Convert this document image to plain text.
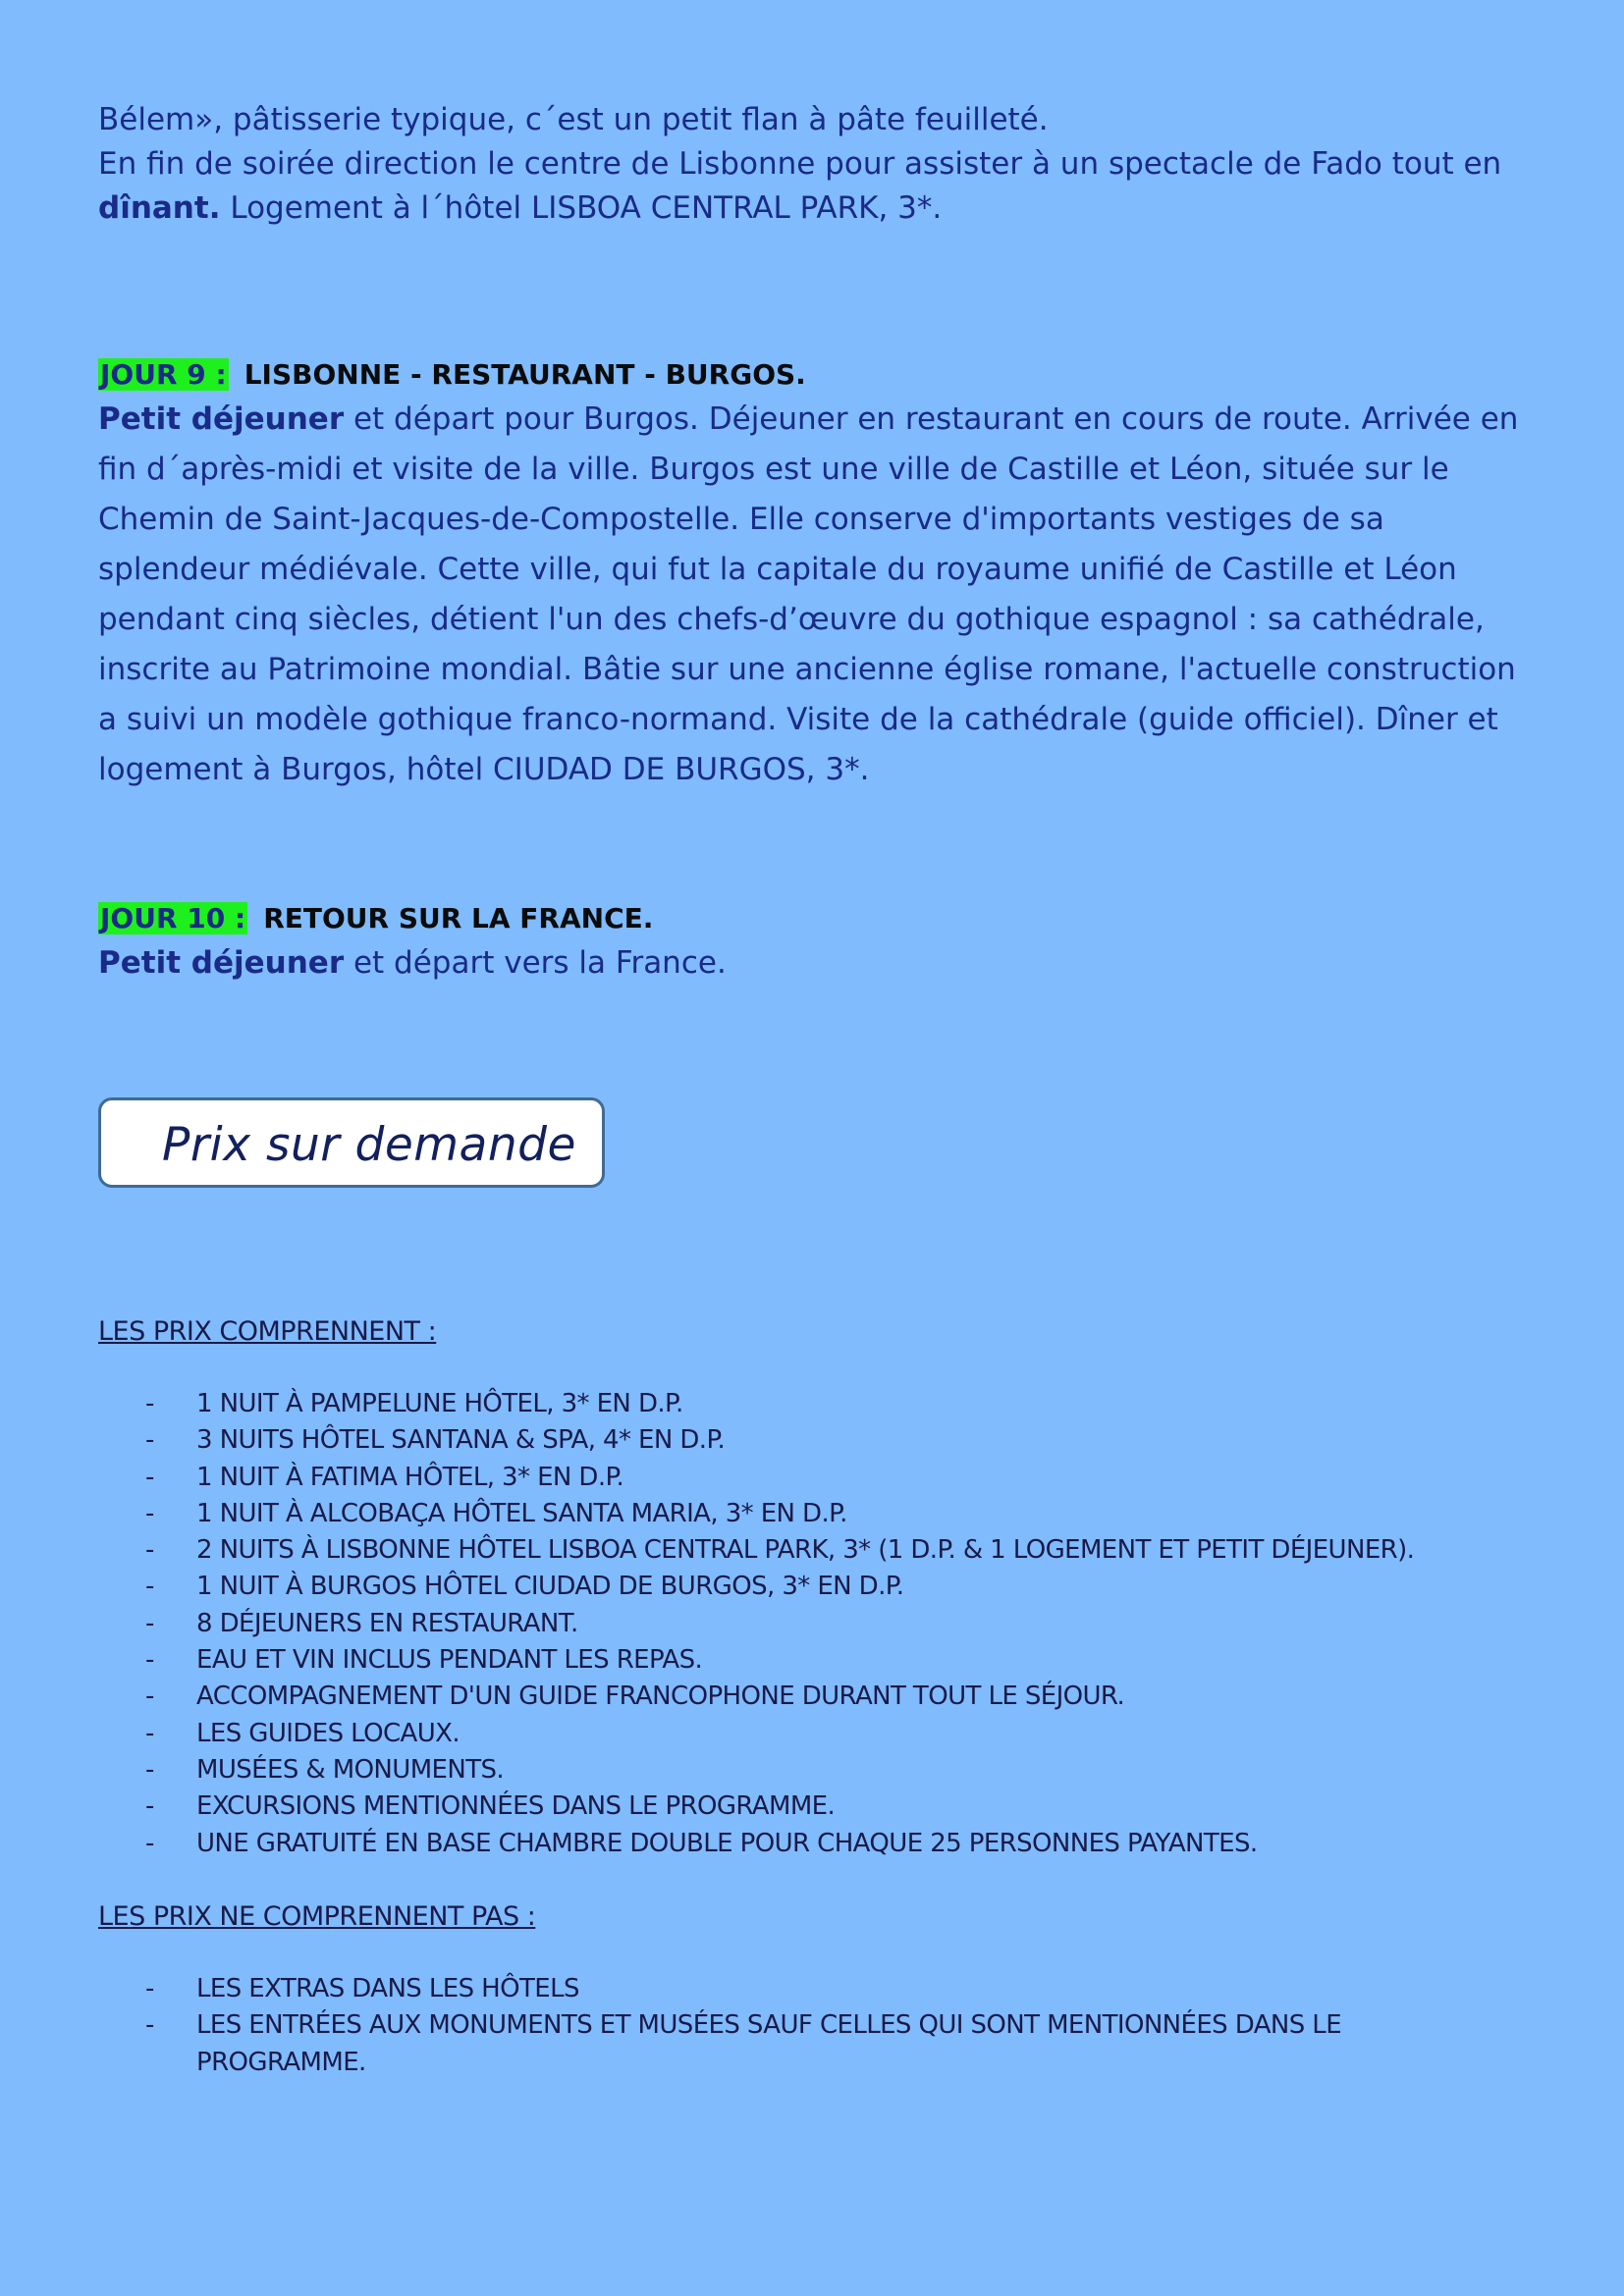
Bélem», pâtisserie typique, c´est un petit flan à pâte feuilleté.

En fin de soirée direction le centre de Lisbonne pour assister à un spectacle de Fado tout en
dînant. Logement à l´hôtel LISBOA CENTRAL PARK, 3*.

JOUR 9 : LISBONNE - RESTAURANT - BURGOS.

Petit déjeuner et départ pour Burgos. Déjeuner en restaurant en cours de route. Arrivée en fin d´après-midi et visite de la ville. Burgos est une ville de Castille et Léon, située sur le Chemin de Saint-Jacques-de-Compostelle. Elle conserve d'importants vestiges de sa splendeur médiévale. Cette ville, qui fut la capitale du royaume unifié de Castille et Léon pendant cinq siècles, détient l'un des chefs-d’œuvre du gothique espagnol : sa cathédrale, inscrite au Patrimoine mondial. Bâtie sur une ancienne église romane, l'actuelle construction a suivi un modèle gothique franco-normand. Visite de la cathédrale (guide officiel). Dîner et logement à Burgos, hôtel CIUDAD DE BURGOS, 3*.

JOUR 10 : RETOUR SUR LA FRANCE.

Petit déjeuner et départ vers la France.

Prix sur demande
LES PRIX COMPRENNENT :
- 1 NUIT À PAMPELUNE HÔTEL, 3* EN D.P.
- 3 NUITS HÔTEL SANTANA & SPA, 4* EN D.P.
- 1 NUIT À FATIMA HÔTEL, 3* EN D.P.
- 1 NUIT À ALCOBAÇA HÔTEL SANTA MARIA, 3* EN D.P.
- 2 NUITS À LISBONNE HÔTEL LISBOA CENTRAL PARK, 3* (1 D.P. & 1 LOGEMENT ET PETIT DÉJEUNER).
- 1 NUIT À BURGOS HÔTEL CIUDAD DE BURGOS, 3* EN D.P.
- 8 DÉJEUNERS EN RESTAURANT.
- EAU ET VIN INCLUS PENDANT LES REPAS.
- ACCOMPAGNEMENT D'UN GUIDE FRANCOPHONE DURANT TOUT LE SÉJOUR.
- LES GUIDES LOCAUX.
- MUSÉES & MONUMENTS.
- EXCURSIONS MENTIONNÉES DANS LE PROGRAMME.
- UNE GRATUITÉ EN BASE CHAMBRE DOUBLE POUR CHAQUE 25 PERSONNES PAYANTES.
LES PRIX NE COMPRENNENT PAS :
- LES EXTRAS DANS LES HÔTELS
- LES ENTRÉES AUX MONUMENTS ET MUSÉES SAUF CELLES QUI SONT MENTIONNÉES DANS LE PROGRAMME.
